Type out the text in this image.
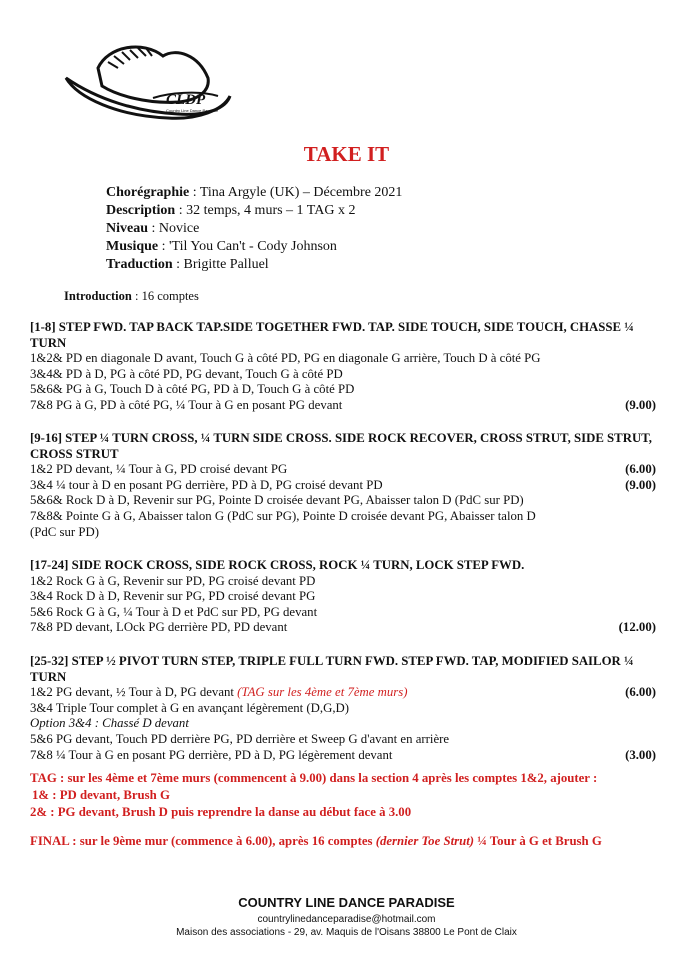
CLDP
Country Line Dance Paradise
TAKE IT
Chorégraphie : Tina Argyle (UK) – Décembre 2021
Description : 32 temps, 4 murs – 1 TAG x 2
Niveau : Novice
Musique : 'Til You Can't - Cody Johnson
Traduction : Brigitte Palluel
Introduction : 16 comptes
[1-8] STEP FWD. TAP BACK TAP.SIDE TOGETHER FWD. TAP. SIDE TOUCH, SIDE TOUCH, CHASSE ¼ TURN
1&2& PD en diagonale D avant, Touch G à côté PD, PG en diagonale G arrière, Touch D à côté PG
3&4& PD à D, PG à côté PD, PG devant, Touch G à côté PD
5&6& PG à G, Touch D à côté PG, PD à D, Touch G à côté PD
7&8 PG à G, PD à côté PG, ¼ Tour à G en posant PG devant	(9.00)
[9-16] STEP ¼ TURN CROSS, ¼ TURN SIDE CROSS. SIDE ROCK RECOVER, CROSS STRUT, SIDE STRUT, CROSS STRUT
1&2 PD devant, ¼ Tour à G, PD croisé devant PG	(6.00)
3&4 ¼ tour à D en posant PG derrière, PD à D, PG croisé devant PD	(9.00)
5&6& Rock D à D, Revenir sur PG, Pointe D croisée devant PG, Abaisser talon D (PdC sur PD)
7&8& Pointe G à G, Abaisser talon G (PdC sur PG), Pointe D croisée devant PG, Abaisser talon D
(PdC sur PD)
[17-24] SIDE ROCK CROSS, SIDE ROCK CROSS, ROCK ¼ TURN, LOCK STEP FWD.
1&2 Rock G à G, Revenir sur PD, PG croisé devant PD
3&4 Rock D à D, Revenir sur PG, PD croisé devant PG
5&6 Rock G à G, ¼ Tour à D et PdC sur PD, PG devant
7&8 PD devant, LOck PG derrière PD, PD devant	(12.00)
[25-32] STEP ½ PIVOT TURN STEP, TRIPLE FULL TURN FWD. STEP FWD. TAP, MODIFIED SAILOR ¼ TURN
1&2 PG devant, ½ Tour à D, PG devant (TAG sur les 4ème et 7ème murs)	(6.00)
3&4 Triple Tour complet à G en avançant légèrement (D,G,D)
Option 3&4 : Chassé D devant
5&6 PG devant, Touch PD derrière PG, PD derrière et Sweep G d'avant en arrière
7&8 ¼ Tour à G en posant PG derrière, PD à D, PG légèrement devant	(3.00)
TAG : sur les 4ème et 7ème murs (commencent à 9.00) dans la section 4 après les comptes 1&2, ajouter :
1& : PD devant, Brush G
2& : PG devant, Brush D puis reprendre la danse au début face à 3.00
FINAL : sur le 9ème mur (commence à 6.00), après 16 comptes (dernier Toe Strut) ¼ Tour à G et Brush G
COUNTRY LINE DANCE PARADISE
countrylinedanceparadise@hotmail.com
Maison des associations - 29, av. Maquis de l'Oisans 38800 Le Pont de Claix
